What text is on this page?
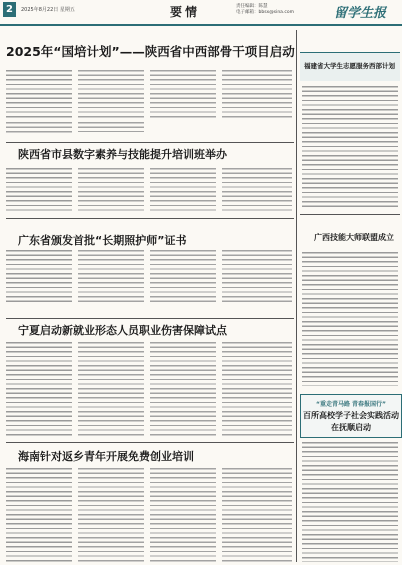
2	2025年8月22日 星期五	要情	责任编辑：陈慧
电子邮箱：bbsx@sina.com	留学生报
2025年“国培计划”——陕西省中西部骨干项目启动
陕西省市县数字素养与技能提升培训班举办
广东省颁发首批“长期照护师”证书
宁夏启动新就业形态人员职业伤害保障试点
海南针对返乡青年开展免费创业培训
福建省大学生志愿服务西部计划
广西技能大师联盟成立
“重走青马路 青春报国行”
百所高校学子社会实践活动
在抚顺启动
